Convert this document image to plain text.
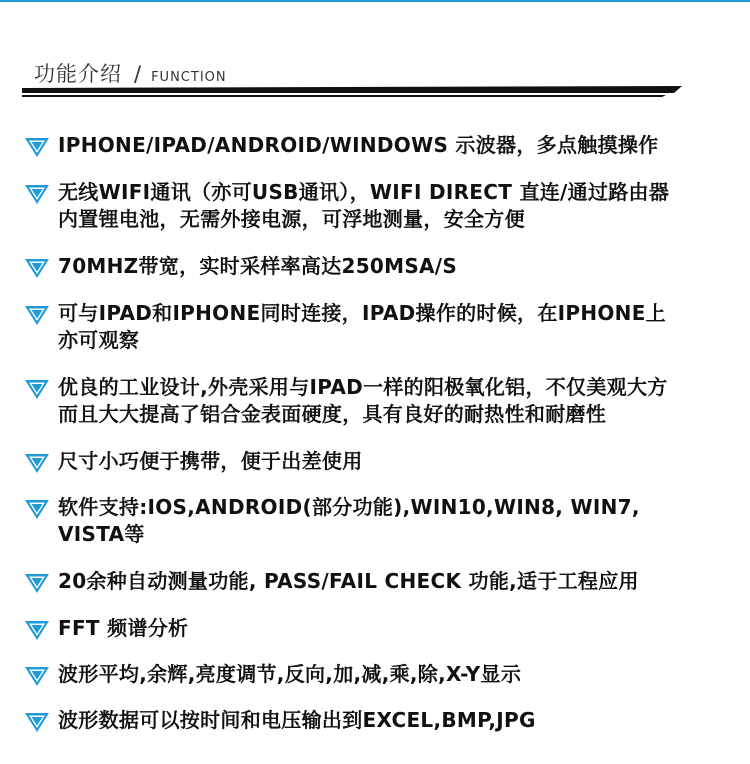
功能介绍 / FUNCTION
IPHONE/IPAD/ANDROID/WINDOWS 示波器，多点触摸操作
无线WIFI通讯（亦可USB通讯），WIFI DIRECT 直连/通过路由器
内置锂电池，无需外接电源，可浮地测量，安全方便
70MHZ带宽，实时采样率高达250MSA/S
可与IPAD和IPHONE同时连接，IPAD操作的时候，在IPHONE上
亦可观察
优良的工业设计,外壳采用与IPAD一样的阳极氧化铝，不仅美观大方
而且大大提高了铝合金表面硬度，具有良好的耐热性和耐磨性
尺寸小巧便于携带，便于出差使用
软件支持:IOS,ANDROID(部分功能),WIN10,WIN8, WIN7,
VISTA等
20余种自动测量功能, PASS/FAIL CHECK 功能,适于工程应用
FFT 频谱分析
波形平均,余辉,亮度调节,反向,加,减,乘,除,X-Y显示
波形数据可以按时间和电压输出到EXCEL,BMP,JPG
